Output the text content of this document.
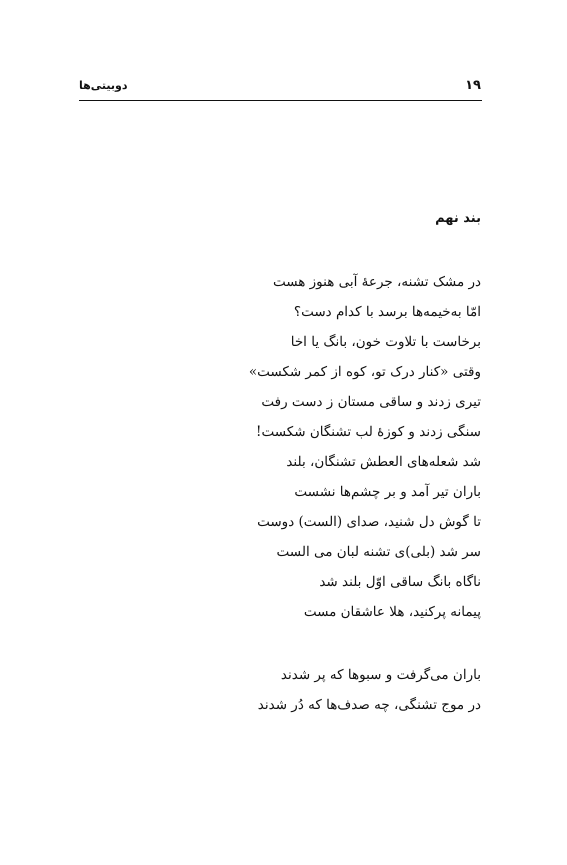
۱۹
دوبیتی‌ها
بند نهم
در مشک تشنه، جرعهٔ آبی هنوز هست
امّا به‌خیمه‌ها برسد با کدام دست؟
برخاست با تلاوت خون، بانگ یا اخا
وقتی «کنار درک تو، کوه از کمر شکست»
تیری زدند و ساقی مستان ز دست رفت
سنگی زدند و کوزهٔ لب تشنگان شکست!
شد شعله‌های العطش تشنگان، بلند
باران تیر آمد و بر چشم‌ها نشست
تا گوش دل شنید، صدای (الست) دوست
سر شد (بلی)ی تشنه لبان می الست
ناگاه بانگ ساقی اوّل بلند شد
پیمانه پرکنید، هلا عاشقان مست
باران می‌گرفت و سبوها که پر شدند
در موج تشنگی، چه صدف‌ها که دُر شدند
